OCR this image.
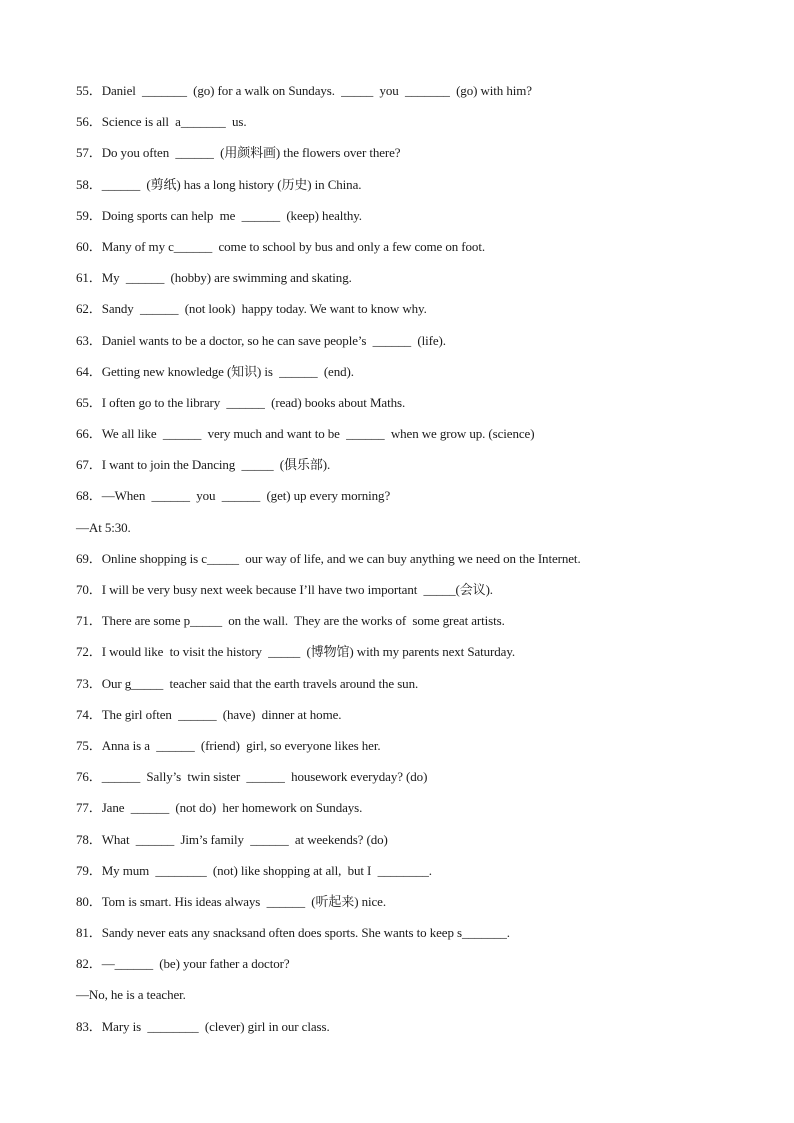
55．Daniel  _______  (go) for a walk on Sundays.  _____  you  _______  (go) with him?
56．Science is all  a_______  us.
57．Do you often  ______  (用颜料画) the flowers over there?
58．______  (剪纸) has a long history (历史) in China.
59．Doing sports can help  me  ______  (keep) healthy.
60．Many of my c______  come to school by bus and only a few come on foot.
61．My  ______  (hobby) are swimming and skating.
62．Sandy  ______  (not look)  happy today. We want to know why.
63．Daniel wants to be a doctor, so he can save people’s  ______  (life).
64．Getting new knowledge (知识) is  ______  (end).
65．I often go to the library  ______  (read) books about Maths.
66．We all like  ______  very much and want to be  ______  when we grow up. (science)
67．I want to join the Dancing  _____  (俱乐部).
68．—When  ______  you  ______  (get) up every morning?
—At 5:30.
69．Online shopping is c_____  our way of life, and we can buy anything we need on the Internet.
70．I will be very busy next week because I’ll have two important  _____(会议).
71．There are some p_____  on the wall.  They are the works of  some great artists.
72．I would like  to visit the history  _____  (博物馆) with my parents next Saturday.
73．Our g_____  teacher said that the earth travels around the sun.
74．The girl often  ______  (have)  dinner at home.
75．Anna is a  ______  (friend)  girl, so everyone likes her.
76．______  Sally’s  twin sister  ______  housework everyday? (do)
77．Jane  ______  (not do)  her homework on Sundays.
78．What  ______  Jim’s family  ______  at weekends? (do)
79．My mum  ________  (not) like shopping at all,  but I  ________.
80．Tom is smart. His ideas always  ______  (听起来) nice.
81．Sandy never eats any snacksand often does sports. She wants to keep s_______.
82．—______  (be) your father a doctor?
—No, he is a teacher.
83．Mary is  ________  (clever) girl in our class.
